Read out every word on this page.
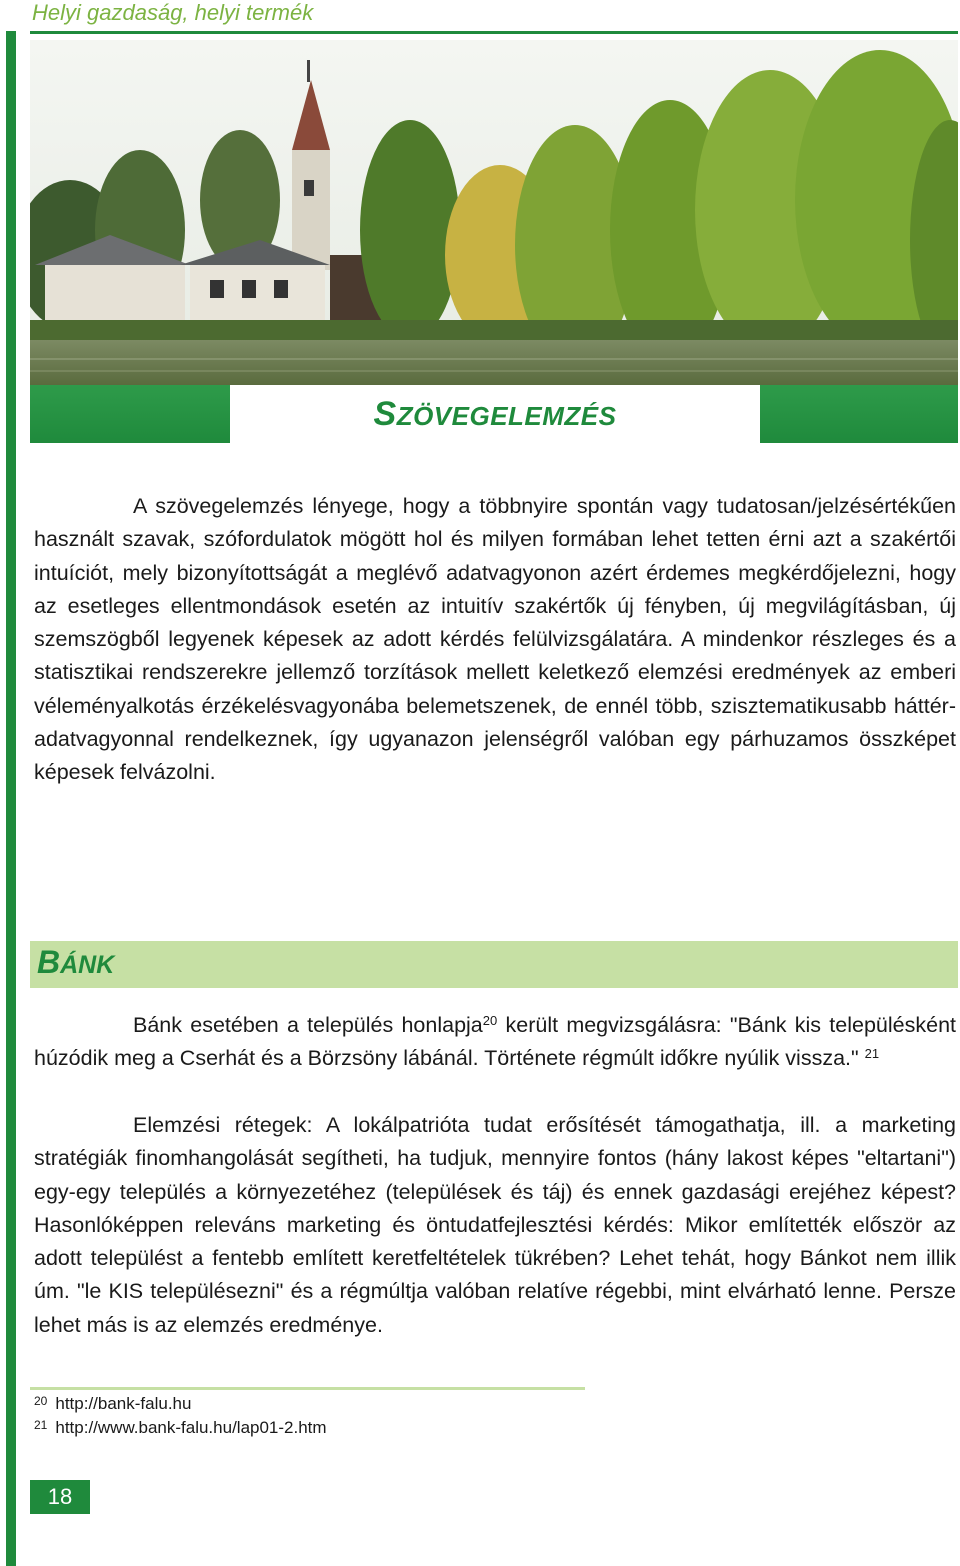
Helyi gazdaság, helyi termék
SZÖVEGELEMZÉS

A szövegelemzés lényege, hogy a többnyire spontán vagy tudatosan/jelzésértékűen használt szavak, szófordulatok mögött hol és milyen formában lehet tetten érni azt a szakértői intuíciót, mely bizonyítottságát a meglévő adatvagyonon azért érdemes megkérdőjelezni, hogy az esetleges ellentmondások esetén az intuitív szakértők új fényben, új megvilágításban, új szemszögből legyenek képesek az adott kérdés felülvizsgálatára. A mindenkor részleges és a statisztikai rendszerekre jellemző torzítások mellett keletkező elemzési eredmények az emberi véleményalkotás érzékelésvagyonába belemetszenek, de ennél több, szisztematikusabb háttér-adatvagyonnal rendelkeznek, így ugyanazon jelenségről valóban egy párhuzamos összképet képesek felvázolni.

BÁNK

Bánk esetében a település honlapja$^{20}$ került megvizsgálásra: "Bánk kis településként húzódik meg a Cserhát és a Börzsöny lábánál. Története régmúlt időkre nyúlik vissza." $^{21}$

Elemzési rétegek: A lokálpatrióta tudat erősítését támogathatja, ill. a marketing stratégiák finomhangolását segítheti, ha tudjuk, mennyire fontos (hány lakost képes "eltartani") egy-egy település a környezetéhez (települések és táj) és ennek gazdasági erejéhez képest? Hasonlóképpen releváns marketing és öntudatfejlesztési kérdés: Mikor említették először az adott települést a fentebb említett keretfeltételek tükrében? Lehet tehát, hogy Bánkot nem illik úm. "le KIS településezni" és a régmúltja valóban relatíve régebbi, mint elvárható lenne. Persze lehet más is az elemzés eredménye.

$^{20}$ http://bank-falu.hu
$^{21}$ http://www.bank-falu.hu/lap01-2.htm
18
